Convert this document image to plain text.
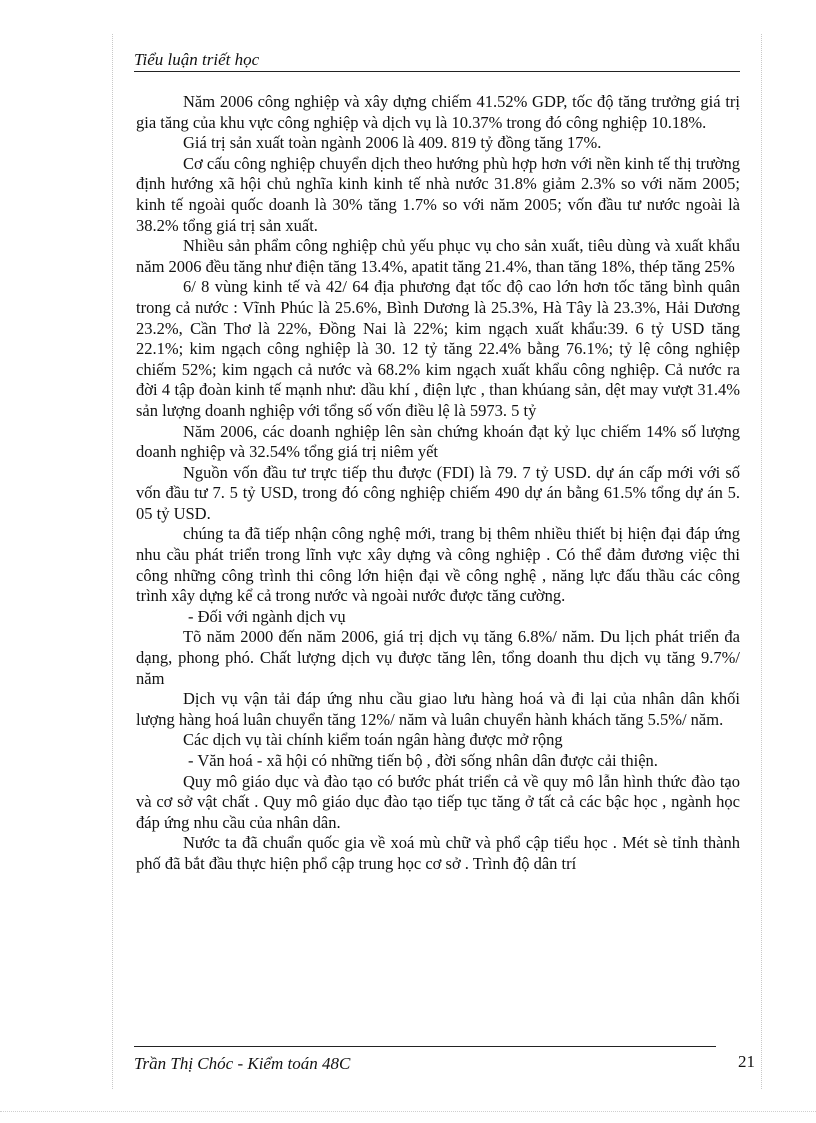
Tiểu luận triết học

Năm 2006 công nghiệp và xây dựng chiếm 41.52% GDP, tốc độ tăng trưởng giá trị gia tăng của khu vực công nghiệp và dịch vụ là 10.37% trong đó công nghiệp 10.18%.

Giá trị sản xuất toàn ngành 2006 là 409. 819 tỷ đồng tăng 17%.

Cơ cấu công nghiệp chuyển dịch theo hướng phù hợp hơn với nền kinh tế thị trường định hướng xã hội chủ nghĩa kinh kinh tế nhà nước 31.8% giảm 2.3% so với năm 2005; kinh tế ngoài quốc doanh là 30% tăng 1.7% so với năm 2005; vốn đầu tư nước ngoài là 38.2% tổng giá trị sản xuất.

Nhiều sản phẩm công nghiệp chủ yếu phục vụ cho sản xuất, tiêu dùng và xuất khẩu năm 2006 đều tăng như điện tăng 13.4%, apatit tăng 21.4%, than tăng 18%, thép tăng 25%

6/ 8 vùng kinh tế và 42/ 64 địa phương đạt tốc độ cao lớn hơn tốc tăng bình quân trong cả nước : Vĩnh Phúc là 25.6%, Bình Dương là 25.3%, Hà Tây là 23.3%, Hải Dương 23.2%, Cần Thơ là 22%, Đồng Nai là 22%; kim ngạch xuất khẩu:39. 6 tỷ USD tăng 22.1%; kim ngạch công nghiệp là 30. 12 tỷ tăng 22.4% bằng 76.1%; tỷ lệ công nghiệp chiếm 52%; kim ngạch cả nước và 68.2% kim ngạch xuất khẩu công nghiệp. Cả nước ra đời 4 tập đoàn kinh tế mạnh như: dầu khí , điện lực , than khúang sản, dệt may vượt 31.4% sản lượng doanh nghiệp với tổng số vốn điều lệ là 5973. 5 tỷ

Năm 2006, các doanh nghiệp lên sàn chứng khoán đạt kỷ lục chiếm 14% số lượng doanh nghiệp và 32.54% tổng giá trị niêm yết

Nguồn vốn đầu tư trực tiếp thu được (FDI) là 79. 7 tỷ USD. dự án cấp mới với số vốn đầu tư 7. 5 tỷ USD, trong đó công nghiệp chiếm 490 dự án bằng 61.5% tổng dự án 5. 05 tỷ USD.

chúng ta đã tiếp nhận công nghệ mới, trang bị thêm nhiều thiết bị hiện đại đáp ứng nhu cầu phát triển trong lĩnh vực xây dựng và công nghiệp . Có thể đảm đương việc thi công những công trình thi công lớn hiện đại về công nghệ , năng lực đấu thầu các công trình xây dựng kể cả trong nước và ngoài nước được tăng cường.

- Đối với ngành dịch vụ

Tõ năm 2000 đến năm 2006, giá trị dịch vụ tăng 6.8%/ năm. Du lịch phát triển đa dạng, phong phó. Chất lượng dịch vụ được tăng lên, tổng doanh thu dịch vụ tăng 9.7%/ năm

Dịch vụ vận tải đáp ứng nhu cầu giao lưu hàng hoá và đi lại của nhân dân khối lượng hàng hoá luân chuyển tăng 12%/ năm và luân chuyển hành khách tăng 5.5%/ năm.

Các dịch vụ tài chính kiểm toán ngân hàng được mở rộng

- Văn hoá - xã hội có những tiến bộ , đời sống nhân dân được cải thiện.

Quy mô giáo dục và đào tạo có bước phát triển cả về quy mô lẫn hình thức đào tạo và cơ sở vật chất . Quy mô giáo dục đào tạo tiếp tục tăng ở tất cả các bậc học , ngành học đáp ứng nhu cầu của nhân dân.

Nước ta đã chuẩn quốc gia về xoá mù chữ và phổ cập tiểu học . Mét sè tỉnh thành phố đã bắt đầu thực hiện phổ cập trung học cơ sở . Trình độ dân trí

Trần Thị Chóc - Kiểm toán 48C	21
